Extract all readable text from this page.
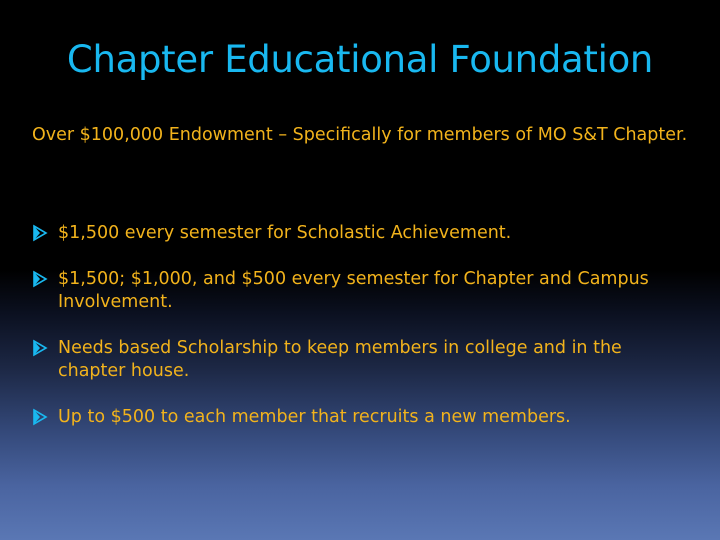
Chapter Educational Foundation
Over $100,000 Endowment – Specifically for members of MO S&T Chapter.
$1,500 every semester for Scholastic Achievement.
$1,500; $1,000, and $500 every semester for Chapter and Campus Involvement.
Needs based Scholarship to keep members in college and in the chapter house.
Up to $500 to each member that recruits a new members.
